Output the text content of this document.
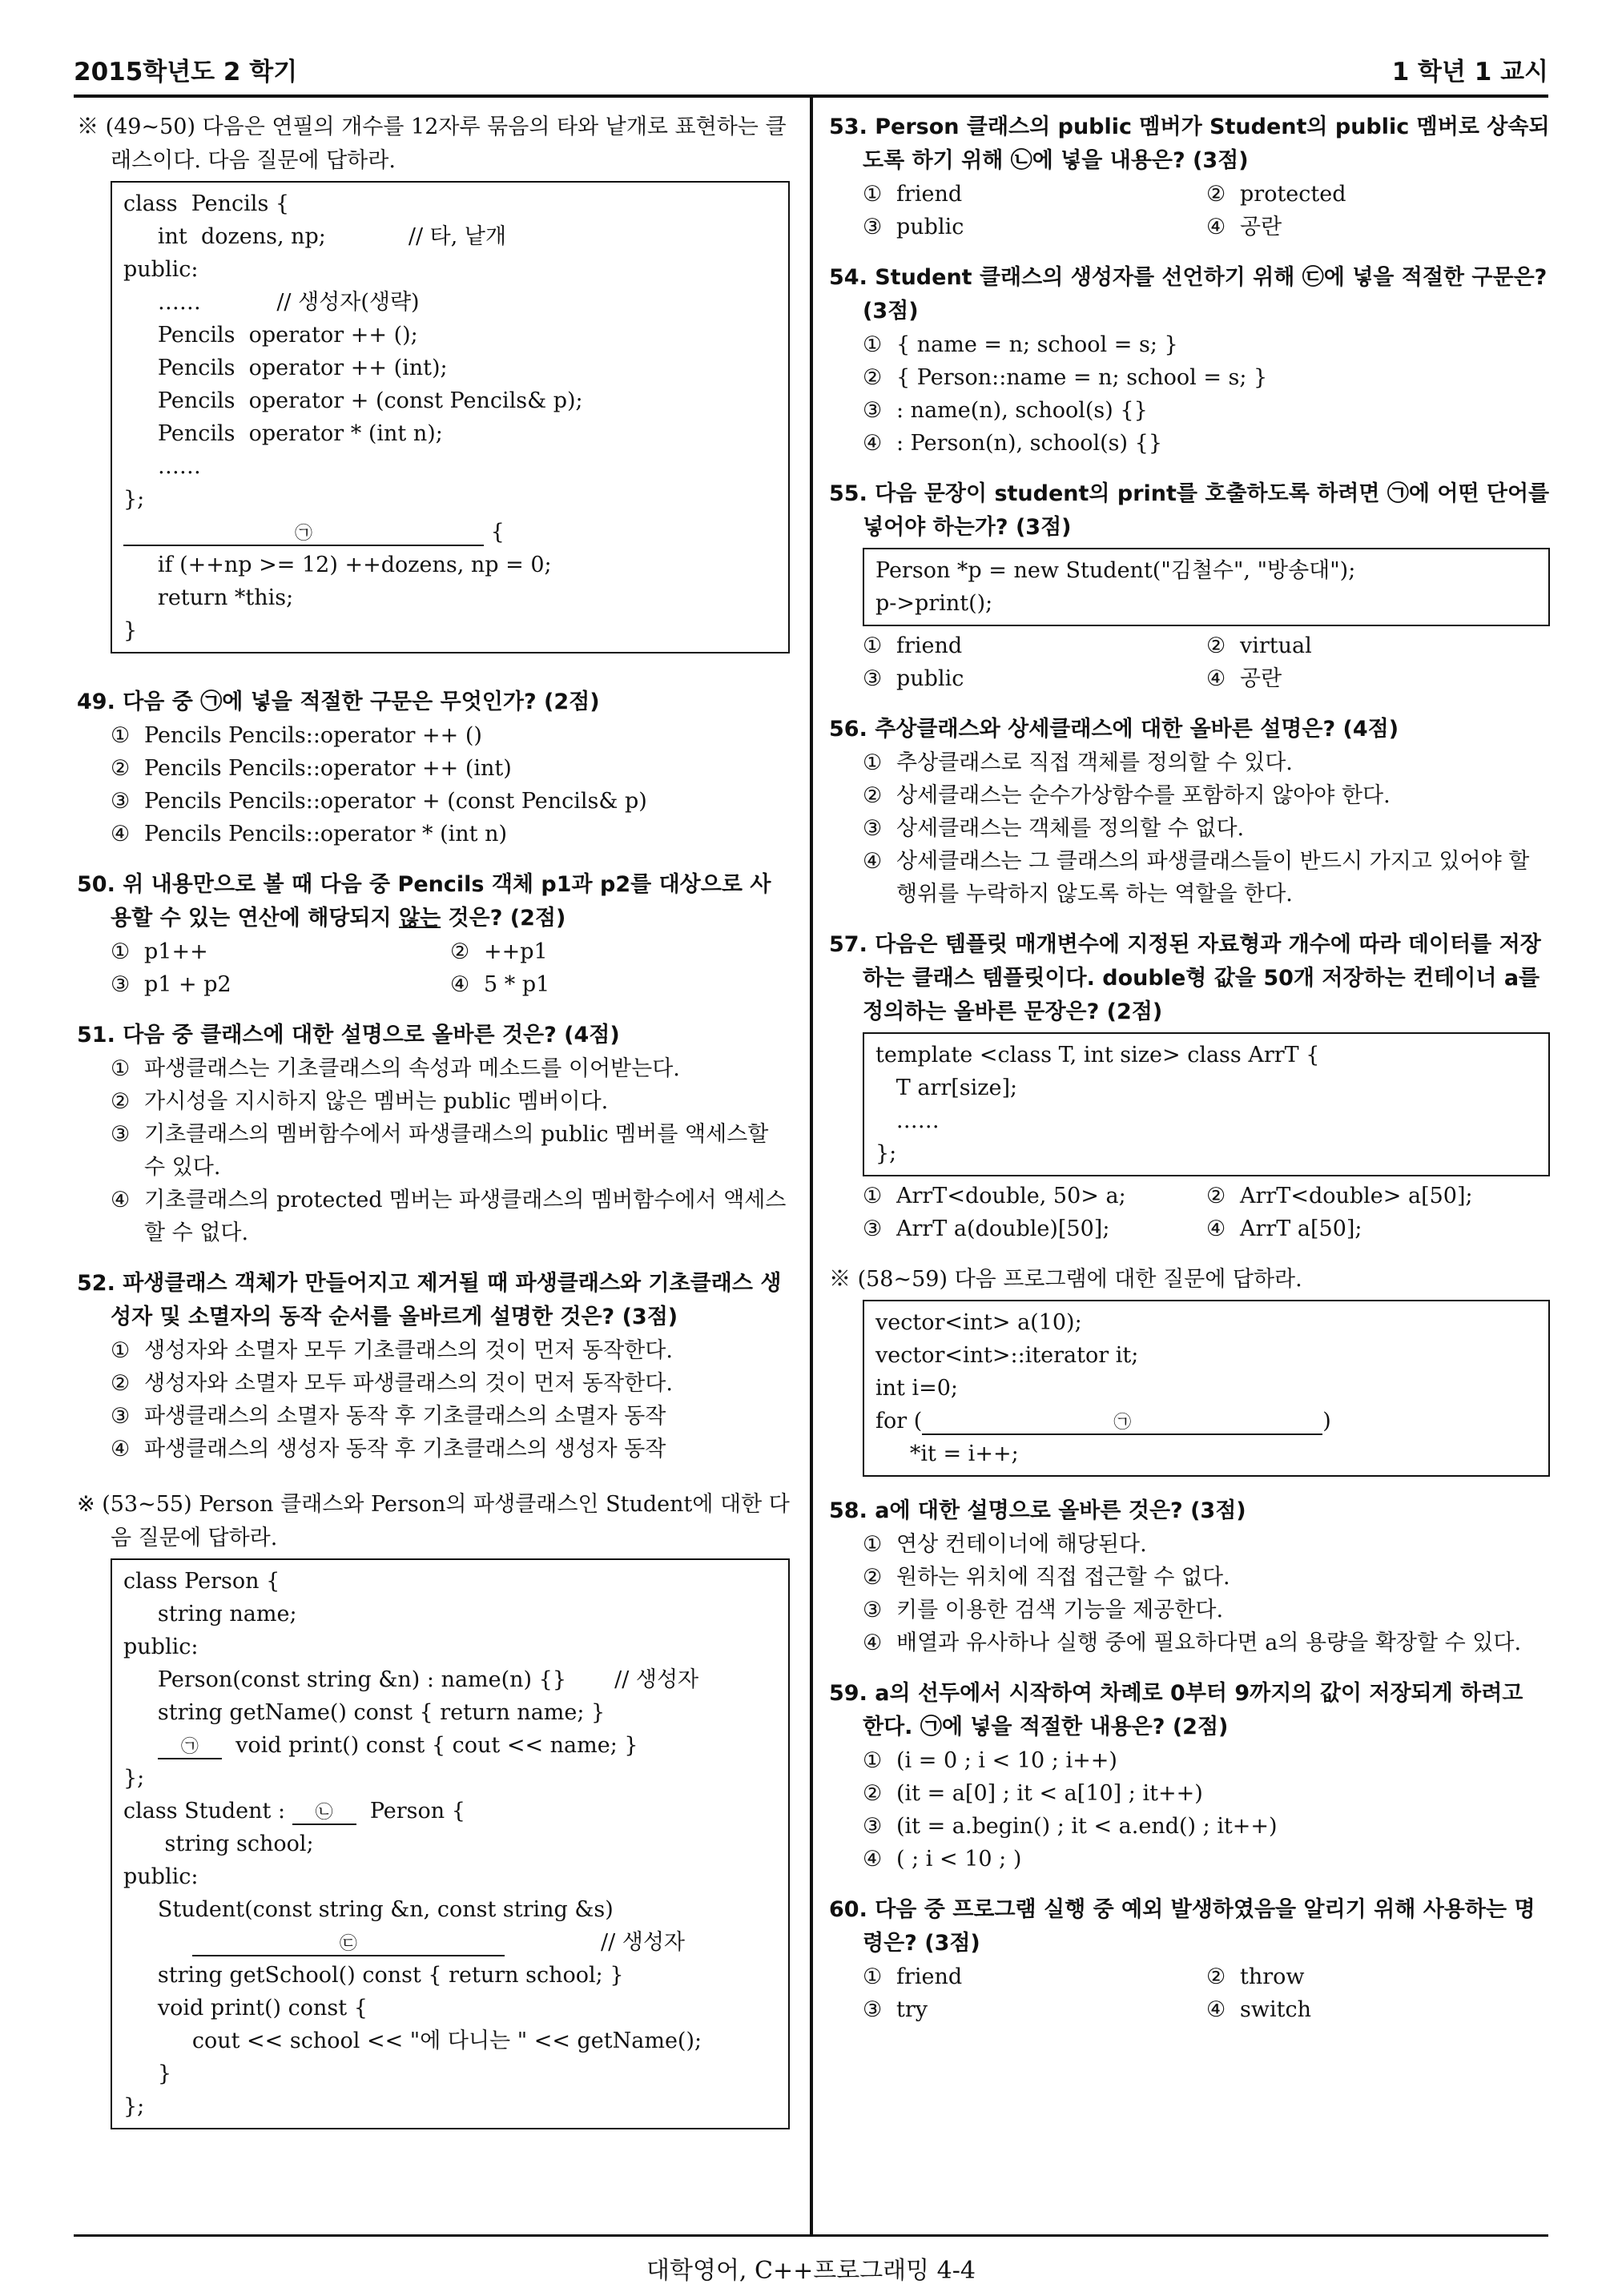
2015학년도 2 학기	1 학년 1 교시
※ (49~50) 다음은 연필의 개수를 12자루 묶음의 타와 낱개로 표현하는 클래스이다. 다음 질문에 답하라.
class  Pencils {
int  dozens, np;            // 타, 낱개
public:
……           // 생성자(생략)
Pencils  operator ++ ();
Pencils  operator ++ (int);
Pencils  operator + (const Pencils& p);
Pencils  operator * (int n);
……
};
㉠	{
if (++np >= 12) ++dozens, np = 0;
return *this;
}
49. 다음 중 ㉠에 넣을 적절한 구문은 무엇인가? (2점)
① Pencils Pencils::operator ++ ()
② Pencils Pencils::operator ++ (int)
③ Pencils Pencils::operator + (const Pencils& p)
④ Pencils Pencils::operator * (int n)
50. 위 내용만으로 볼 때 다음 중 Pencils 객체 p1과 p2를 대상으로 사용할 수 있는 연산에 해당되지 않는 것은? (2점)
① p1++	② ++p1
③ p1 + p2	④ 5 * p1
51. 다음 중 클래스에 대한 설명으로 올바른 것은? (4점)
① 파생클래스는 기초클래스의 속성과 메소드를 이어받는다.
② 가시성을 지시하지 않은 멤버는 public 멤버이다.
③ 기초클래스의 멤버함수에서 파생클래스의 public 멤버를 액세스할 수 있다.
④ 기초클래스의 protected 멤버는 파생클래스의 멤버함수에서 액세스할 수 없다.
52. 파생클래스 객체가 만들어지고 제거될 때 파생클래스와 기초클래스 생성자 및 소멸자의 동작 순서를 올바르게 설명한 것은? (3점)
① 생성자와 소멸자 모두 기초클래스의 것이 먼저 동작한다.
② 생성자와 소멸자 모두 파생클래스의 것이 먼저 동작한다.
③ 파생클래스의 소멸자 동작 후 기초클래스의 소멸자 동작
④ 파생클래스의 생성자 동작 후 기초클래스의 생성자 동작
※ (53~55) Person 클래스와 Person의 파생클래스인 Student에 대한 다음 질문에 답하라.
class Person {
string name;
public:
Person(const string &n) : name(n) {}       // 생성자
string getName() const { return name; }
㉠  void print() const { cout << name; }
};
class Student : ㉡  Person {
string school;
public:
Student(const string &n, const string &s)
㉢	// 생성자
string getSchool() const { return school; }
void print() const {
cout << school << "에 다니는 " << getName();
}
};
53. Person 클래스의 public 멤버가 Student의 public 멤버로 상속되도록 하기 위해 ㉡에 넣을 내용은? (3점)
① friend	② protected
③ public	④ 공란
54. Student 클래스의 생성자를 선언하기 위해 ㉢에 넣을 적절한 구문은? (3점)
① { name = n; school = s; }
② { Person::name = n; school = s; }
③ : name(n), school(s) {}
④ : Person(n), school(s) {}
55. 다음 문장이 student의 print를 호출하도록 하려면 ㉠에 어떤 단어를 넣어야 하는가? (3점)
Person *p = new Student("김철수", "방송대");
p->print();
① friend	② virtual
③ public	④ 공란
56. 추상클래스와 상세클래스에 대한 올바른 설명은? (4점)
① 추상클래스로 직접 객체를 정의할 수 있다.
② 상세클래스는 순수가상함수를 포함하지 않아야 한다.
③ 상세클래스는 객체를 정의할 수 없다.
④ 상세클래스는 그 클래스의 파생클래스들이 반드시 가지고 있어야 할 행위를 누락하지 않도록 하는 역할을 한다.
57. 다음은 템플릿 매개변수에 지정된 자료형과 개수에 따라 데이터를 저장하는 클래스 템플릿이다. double형 값을 50개 저장하는 컨테이너 a를 정의하는 올바른 문장은? (2점)
template <class T, int size> class ArrT {
T arr[size];
……
};
① ArrT<double, 50> a;	② ArrT<double> a[50];
③ ArrT a(double)[50];	④ ArrT a[50];
※ (58~59) 다음 프로그램에 대한 질문에 답하라.
vector<int> a(10);
vector<int>::iterator it;
int i=0;
for (	㉠	)
*it = i++;
58. a에 대한 설명으로 올바른 것은? (3점)
① 연상 컨테이너에 해당된다.
② 원하는 위치에 직접 접근할 수 없다.
③ 키를 이용한 검색 기능을 제공한다.
④ 배열과 유사하나 실행 중에 필요하다면 a의 용량을 확장할 수 있다.
59. a의 선두에서 시작하여 차례로 0부터 9까지의 값이 저장되게 하려고 한다. ㉠에 넣을 적절한 내용은? (2점)
① (i = 0 ; i < 10 ; i++)
② (it = a[0] ; it < a[10] ; it++)
③ (it = a.begin() ; it < a.end() ; it++)
④ ( ; i < 10 ; )
60. 다음 중 프로그램 실행 중 예외 발생하였음을 알리기 위해 사용하는 명령은? (3점)
① friend	② throw
③ try	④ switch
대학영어, C++프로그래밍 4-4
